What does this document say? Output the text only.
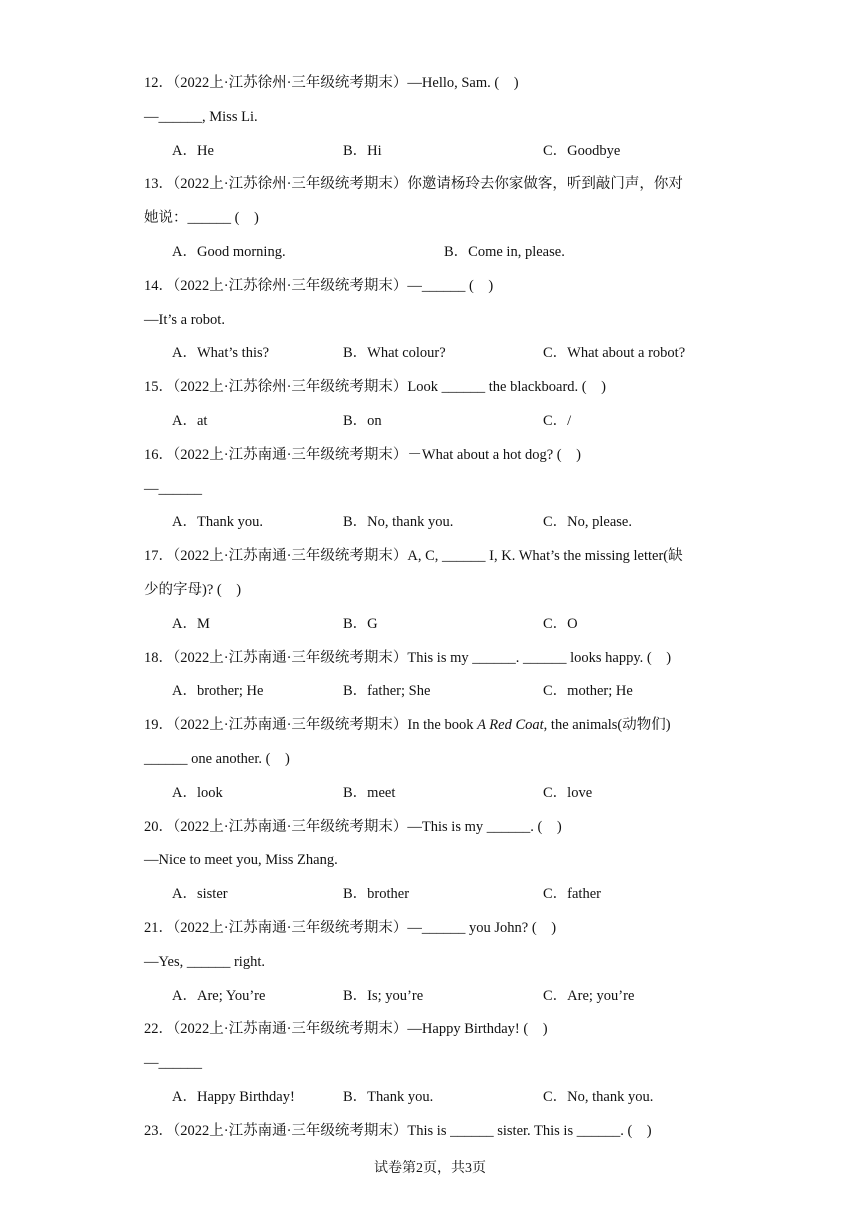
12．（2022上·江苏徐州·三年级统考期末）—Hello, Sam. (　)
—______, Miss Li.
A．He	B．Hi	C．Goodbye
13．（2022上·江苏徐州·三年级统考期末）你邀请杨玲去你家做客，听到敲门声，你对
她说：______ (　)
A．Good morning.	B．Come in, please.
14．（2022上·江苏徐州·三年级统考期末）—______ (　)
—It’s a robot.
A．What’s this?	B．What colour?	C．What about a robot?
15．（2022上·江苏徐州·三年级统考期末）Look ______ the blackboard. (　)
A．at	B．on	C．/
16．（2022上·江苏南通·三年级统考期末）－What about a hot dog? (　)
—______
A．Thank you.	B．No, thank you.	C．No, please.
17．（2022上·江苏南通·三年级统考期末）A, C, ______ I, K. What’s the missing letter(缺
少的字母)? (　)
A．M	B．G	C．O
18．（2022上·江苏南通·三年级统考期末）This is my ______. ______ looks happy. (　)
A．brother; He	B．father; She	C．mother; He
19．（2022上·江苏南通·三年级统考期末）In the book A Red Coat, the animals(动物们)
______ one another. (　)
A．look	B．meet	C．love
20．（2022上·江苏南通·三年级统考期末）—This is my ______. (　)
—Nice to meet you, Miss Zhang.
A．sister	B．brother	C．father
21．（2022上·江苏南通·三年级统考期末）—______ you John? (　)
—Yes, ______ right.
A．Are; You’re	B．Is; you’re	C．Are; you’re
22．（2022上·江苏南通·三年级统考期末）—Happy Birthday! (　)
—______
A．Happy Birthday!	B．Thank you.	C．No, thank you.
23．（2022上·江苏南通·三年级统考期末）This is ______ sister. This is ______. (　)
试卷第2页，共3页
